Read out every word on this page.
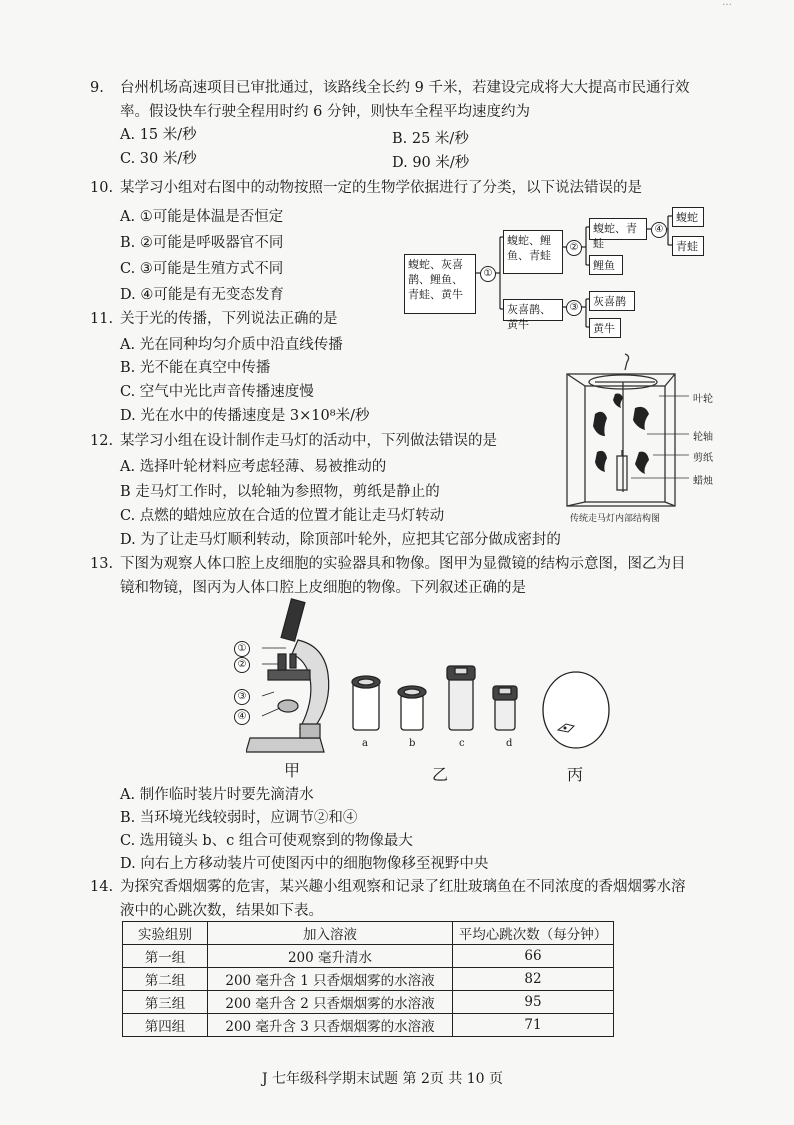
...
9.	台州机场高速项目已审批通过，该路线全长约 9 千米，若建设完成将大大提高市民通行效
率。假设快车行驶全程用时约 6 分钟，则快车全程平均速度约为
A. 15 米/秒	B. 25 米/秒
C. 30 米/秒	D. 90 米/秒
10. 某学习小组对右图中的动物按照一定的生物学依据进行了分类，以下说法错误的是
A. ①可能是体温是否恒定
B. ②可能是呼吸器官不同
C. ③可能是生殖方式不同
D. ④可能是有无变态发育
蝮蛇、灰喜鹊、鲤鱼、青蛙、黄牛
①
蝮蛇、鲤鱼、青蛙
灰喜鹊、黄牛
②
③
蝮蛇、青蛙
鲤鱼
④
蝮蛇
青蛙
灰喜鹊
黄牛
11. 关于光的传播，下列说法正确的是
A. 光在同种均匀介质中沿直线传播
B. 光不能在真空中传播
C. 空气中光比声音传播速度慢
D. 光在水中的传播速度是 3×10⁸米/秒
叶轮
轮轴
剪纸
蜡烛
传统走马灯内部结构图
12. 某学习小组在设计制作走马灯的活动中，下列做法错误的是
A. 选择叶轮材料应考虑轻薄、易被推动的
B 走马灯工作时，以轮轴为参照物，剪纸是静止的
C. 点燃的蜡烛应放在合适的位置才能让走马灯转动
D. 为了让走马灯顺利转动，除顶部叶轮外，应把其它部分做成密封的
13. 下图为观察人体口腔上皮细胞的实验器具和物像。图甲为显微镜的结构示意图，图乙为目
镜和物镜，图丙为人体口腔上皮细胞的物像。下列叙述正确的是
①
②
③
④
a	b	c	d
甲	乙	丙
A. 制作临时装片时要先滴清水
B. 当环境光线较弱时，应调节②和④
C. 选用镜头 b、c 组合可使观察到的物像最大
D. 向右上方移动装片可使图丙中的细胞物像移至视野中央
14. 为探究香烟烟雾的危害，某兴趣小组观察和记录了红肚玻璃鱼在不同浓度的香烟烟雾水溶
液中的心跳次数，结果如下表。
实验组别	加入溶液	平均心跳次数（每分钟）
第一组	200 毫升清水	66
第二组	200 毫升含 1 只香烟烟雾的水溶液	82
第三组	200 毫升含 2 只香烟烟雾的水溶液	95
第四组	200 毫升含 3 只香烟烟雾的水溶液	71
J 七年级科学期末试题 第 2页 共 10 页
